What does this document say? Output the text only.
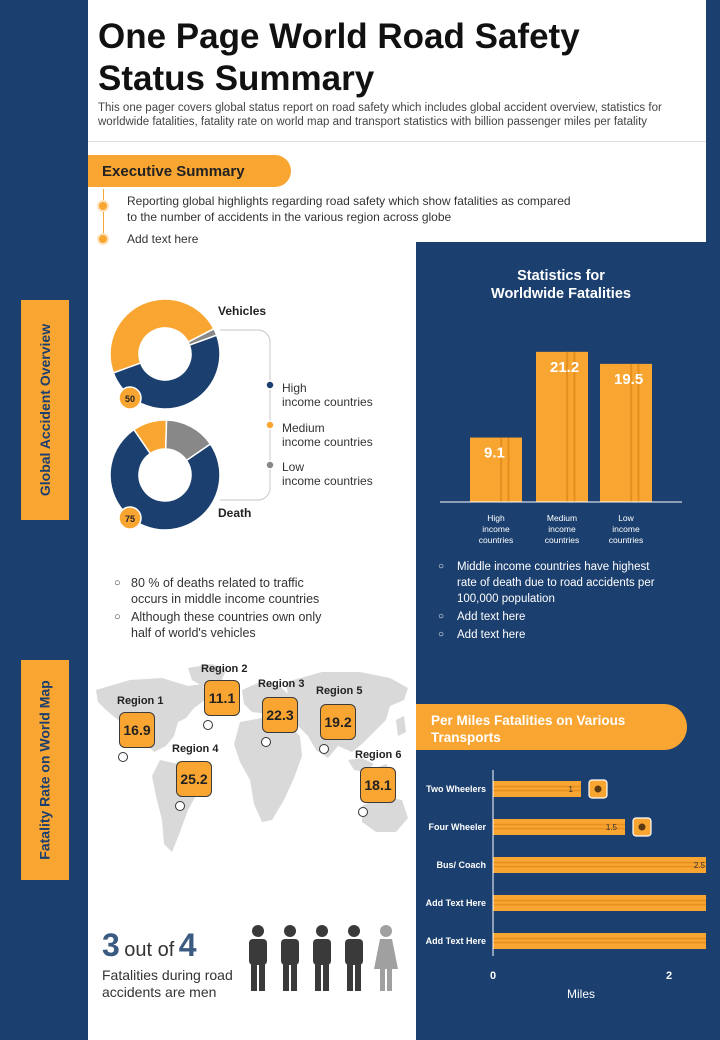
One Page World Road Safety
Status Summary
This one pager covers global status report on road safety which includes global accident overview, statistics for
worldwide fatalities, fatality rate on world map and transport statistics with billion passenger miles per fatality
Executive Summary
Reporting global highlights regarding road safety which show fatalities as compared
to the number of accidents in the various region across globe
Add text here
Global Accident Overview
Fatality Rate on World Map
50
75
Vehicles
Death
High
income countries
Medium
income countries
Low
income countries
○ 80 % of deaths related to traffic
occurs in middle income countries
○ Although these countries own only
half of world's vehicles
Statistics for
Worldwide Fatalities
9.1
21.2
19.5
High
income
countries
Medium
income
countries
Low
income
countries
○	Middle income countries have highest
rate of death due to road accidents per
100,000 population
○	Add text here
○	Add text here
Region 1
16.9
Region 2
11.1
Region 3
22.3
Region 4
25.2
Region 5
19.2
Region 6
18.1
3 out of 4
Fatalities during road
accidents are men
Per Miles Fatalities on Various
Transports
Two Wheelers	1
Four Wheeler	1.5
Bus/ Coach	2.5
Add Text Here
Add Text Here
0	2
Miles
